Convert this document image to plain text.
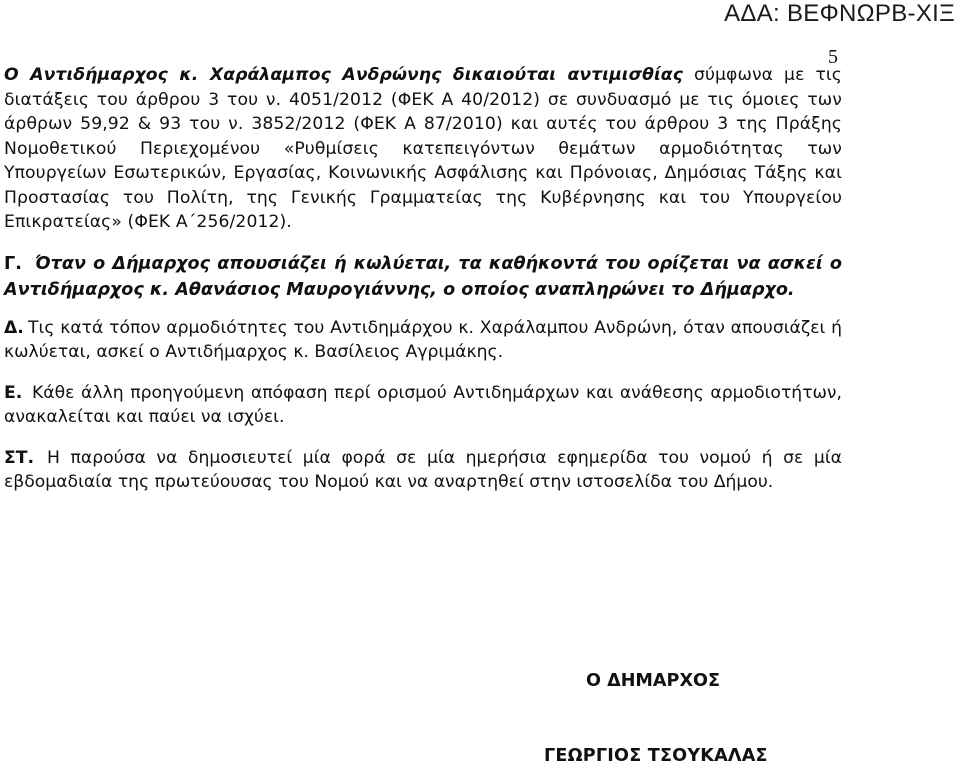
ΑΔΑ: ΒΕΦΝΩΡΒ-ΧΙΞ
5

Ο Αντιδήμαρχος κ. Χαράλαμπος Ανδρώνης δικαιούται αντιμισθίας σύμφωνα με τις διατάξεις του άρθρου 3 του ν. 4051/2012 (ΦΕΚ Α 40/2012) σε συνδυασμό με τις όμοιες των άρθρων 59,92 & 93 του ν. 3852/2012 (ΦΕΚ Α 87/2010) και αυτές του άρθρου 3 της Πράξης Νομοθετικού Περιεχομένου «Ρυθμίσεις κατεπειγόντων θεμάτων αρμοδιότητας των Υπουργείων Εσωτερικών, Εργασίας, Κοινωνικής Ασφάλισης και Πρόνοιας, Δημόσιας Τάξης και Προστασίας του Πολίτη, της Γενικής Γραμματείας της Κυβέρνησης και του Υπουργείου Επικρατείας» (ΦΕΚ Α΄256/2012).

Γ. Όταν ο Δήμαρχος απουσιάζει ή κωλύεται, τα καθήκοντά του ορίζεται να ασκεί ο Αντιδήμαρχος κ. Αθανάσιος Μαυρογιάννης, ο οποίος αναπληρώνει το Δήμαρχο.

Δ. Τις κατά τόπον αρμοδιότητες του Αντιδημάρχου κ. Χαράλαμπου Ανδρώνη, όταν απουσιάζει ή κωλύεται, ασκεί ο Αντιδήμαρχος κ. Βασίλειος Αγριμάκης.

Ε. Κάθε άλλη προηγούμενη απόφαση περί ορισμού Αντιδημάρχων και ανάθεσης αρμοδιοτήτων, ανακαλείται και παύει να ισχύει.

ΣΤ. Η παρούσα να δημοσιευτεί μία φορά σε μία ημερήσια εφημερίδα του νομού ή σε μία εβδομαδιαία της πρωτεύουσας του Νομού και να αναρτηθεί στην ιστοσελίδα του Δήμου.

Ο ΔΗΜΑΡΧΟΣ
ΓΕΩΡΓΙΟΣ ΤΣΟΥΚΑΛΑΣ
